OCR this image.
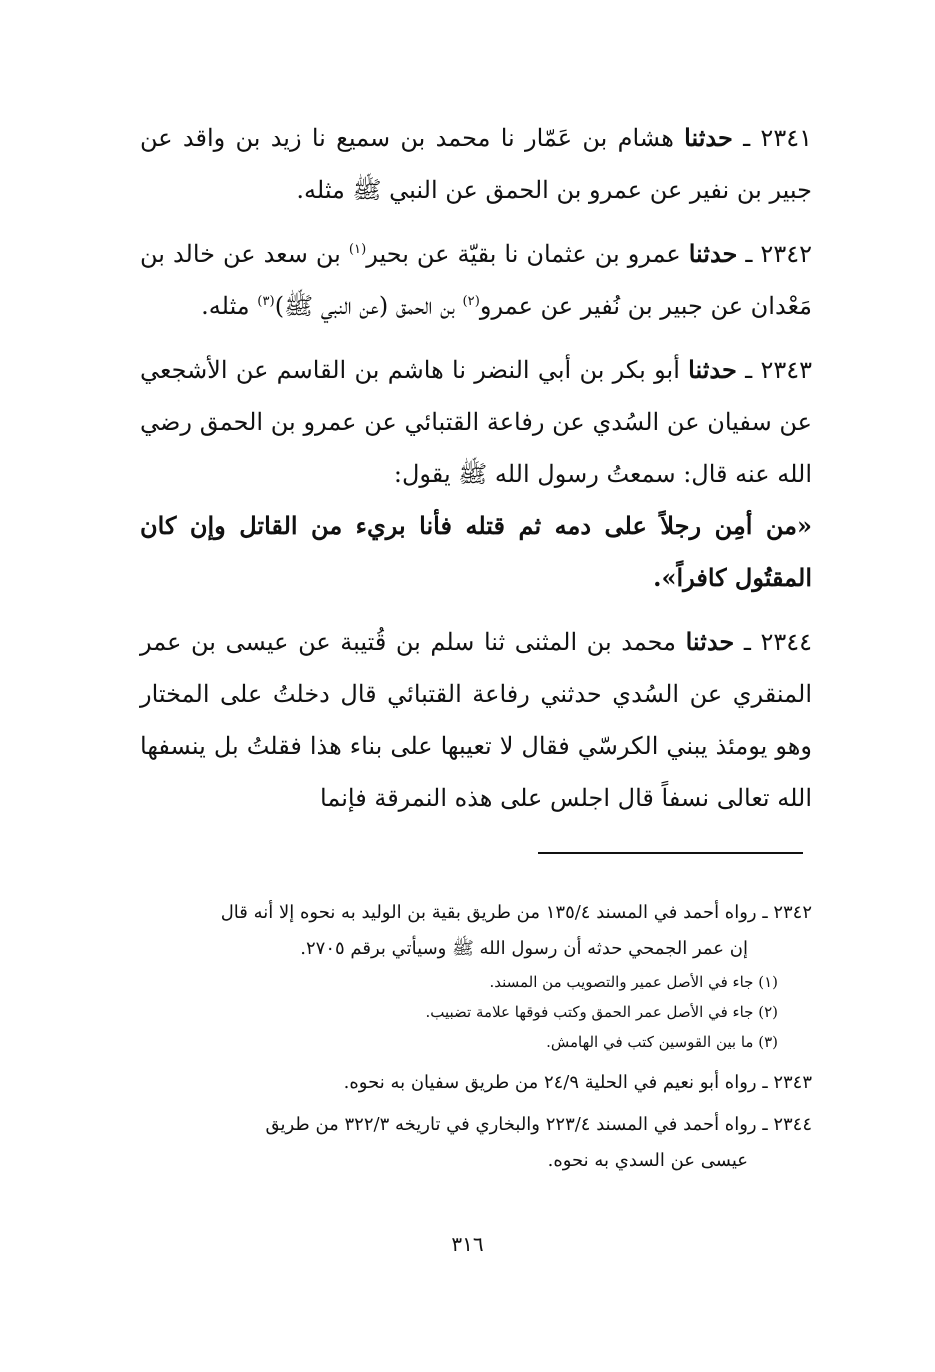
٢٣٤١ ـ حدثنا هشام بن عَمّار نا محمد بن سميع نا زيد بن واقد عن جبير بن نفير عن عمرو بن الحمق عن النبي ﷺ مثله.

٢٣٤٢ ـ حدثنا عمرو بن عثمان نا بقيّة عن بحير$^{(١)}$ بن سعد عن خالد بن مَعْدان عن جبير بن نُفير عن عمرو$^{(٢)}$ بن الحمق (عن النبي ﷺ)$^{(٣)}$ مثله.

٢٣٤٣ ـ حدثنا أبو بكر بن أبي النضر نا هاشم بن القاسم عن الأشجعي عن سفيان عن السُدي عن رفاعة القتبائي عن عمرو بن الحمق رضي الله عنه قال: سمعتُ رسول الله ﷺ يقول:
«من أمِن رجلاً على دمه ثم قتله فأنا بريء من القاتل وإن كان المقتُول كافراً».

٢٣٤٤ ـ حدثنا محمد بن المثنى ثنا سلم بن قُتيبة عن عيسى بن عمر المنقري عن السُدي حدثني رفاعة القتبائي قال دخلتُ على المختار وهو يومئذ يبني الكرسّي فقال لا تعيبها على بناء هذا فقلتُ بل ينسفها الله تعالى نسفاً قال اجلس على هذه النمرقة فإنما

٢٣٤٢ ـ رواه أحمد في المسند ١٣٥/٤ من طريق بقية بن الوليد به نحوه إلا أنه قال
إن عمر الجمحي حدثه أن رسول الله ﷺ وسيأتي برقم ٢٧٠٥.

(١) جاء في الأصل عمير والتصويب من المسند.

(٢) جاء في الأصل عمر الحمق وكتب فوقها علامة تضبيب.

(٣) ما بين القوسين كتب في الهامش.

٢٣٤٣ ـ رواه أبو نعيم في الحلية ٢٤/٩ من طريق سفيان به نحوه.
٢٣٤٤ ـ رواه أحمد في المسند ٢٢٣/٤ والبخاري في تاريخه ٣٢٢/٣ من طريق
عيسى عن السدي به نحوه.
٣١٦
